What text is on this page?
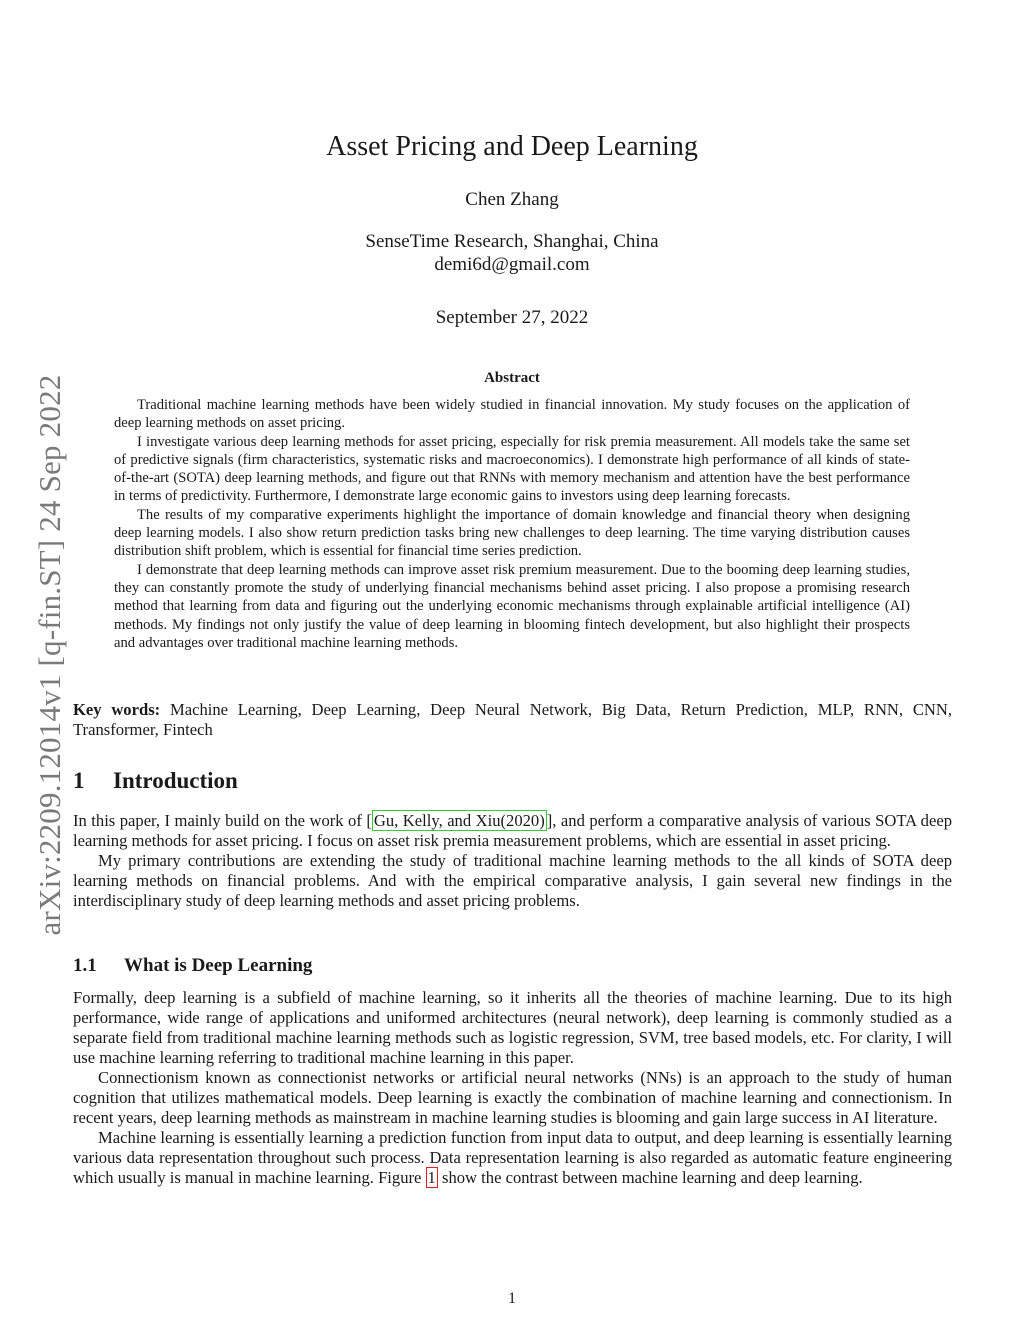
arXiv:2209.12014v1 [q-fin.ST] 24 Sep 2022
Asset Pricing and Deep Learning
Chen Zhang
SenseTime Research, Shanghai, China
demi6d@gmail.com
September 27, 2022
Abstract

Traditional machine learning methods have been widely studied in financial innovation. My study focuses on the application of deep learning methods on asset pricing.

I investigate various deep learning methods for asset pricing, especially for risk premia measurement. All models take the same set of predictive signals (firm characteristics, systematic risks and macroeconomics). I demonstrate high performance of all kinds of state-of-the-art (SOTA) deep learning methods, and figure out that RNNs with memory mechanism and attention have the best performance in terms of predictivity. Furthermore, I demonstrate large economic gains to investors using deep learning forecasts.

The results of my comparative experiments highlight the importance of domain knowledge and financial theory when designing deep learning models. I also show return prediction tasks bring new challenges to deep learning. The time varying distribution causes distribution shift problem, which is essential for financial time series prediction.

I demonstrate that deep learning methods can improve asset risk premium measurement. Due to the booming deep learning studies, they can constantly promote the study of underlying financial mechanisms behind asset pricing. I also propose a promising research method that learning from data and figuring out the underlying economic mechanisms through explainable artificial intelligence (AI) methods. My findings not only justify the value of deep learning in blooming fintech development, but also highlight their prospects and advantages over traditional machine learning methods.

Key words: Machine Learning, Deep Learning, Deep Neural Network, Big Data, Return Prediction, MLP, RNN, CNN, Transformer, Fintech

1 Introduction

In this paper, I mainly build on the work of [ Gu, Kelly, and Xiu(2020) ], and perform a comparative analysis of various SOTA deep learning methods for asset pricing. I focus on asset risk premia measurement problems, which are essential in asset pricing.

My primary contributions are extending the study of traditional machine learning methods to the all kinds of SOTA deep learning methods on financial problems. And with the empirical comparative analysis, I gain several new findings in the interdisciplinary study of deep learning methods and asset pricing problems.

1.1 What is Deep Learning

Formally, deep learning is a subfield of machine learning, so it inherits all the theories of machine learning. Due to its high performance, wide range of applications and uniformed architectures (neural network), deep learning is commonly studied as a separate field from traditional machine learning methods such as logistic regression, SVM, tree based models, etc. For clarity, I will use machine learning referring to traditional machine learning in this paper.

Connectionism known as connectionist networks or artificial neural networks (NNs) is an approach to the study of human cognition that utilizes mathematical models. Deep learning is exactly the combination of machine learning and connectionism. In recent years, deep learning methods as mainstream in machine learning studies is blooming and gain large success in AI literature.

Machine learning is essentially learning a prediction function from input data to output, and deep learning is essentially learning various data representation throughout such process. Data representation learning is also regarded as automatic feature engineering which usually is manual in machine learning. Figure 1 show the contrast between machine learning and deep learning.

1
